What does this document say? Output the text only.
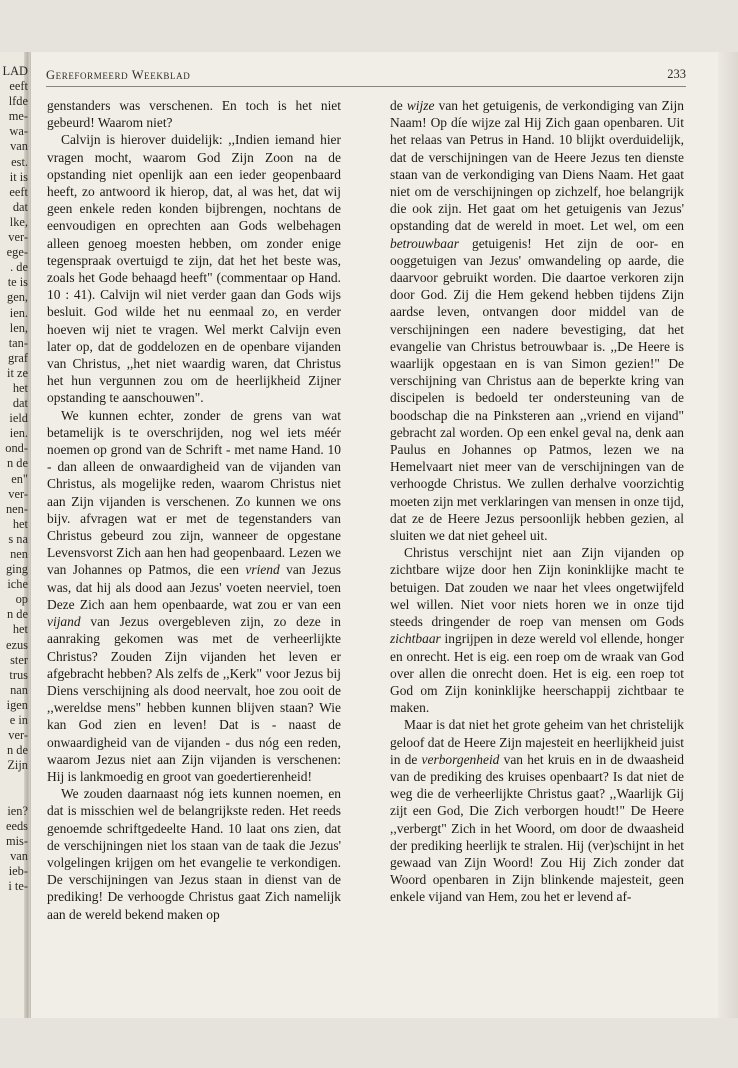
LAD
eeft
lfde
me-
wa-
van
est.
it is
eeft
dat
lke,
ver-
ege-
. de
te is
gen,
ien.
len,
tan-
graf
it ze
het
dat
ield
ien.
ond-
n de
en"
ver-
nen-
het
s na
nen
ging
iche
op
n de
het
ezus
ster
trus
nan
igen
e in
ver-
n de
Zijn

ien?
eeds
mis-
van
ieb-
i te-
Gereformeerd Weekblad	233

genstanders was verschenen. En toch is het niet gebeurd! Waarom niet?

Calvijn is hierover duidelijk: ,,Indien iemand hier vragen mocht, waarom God Zijn Zoon na de opstanding niet openlijk aan een ieder geopenbaard heeft, zo antwoord ik hierop, dat, al was het, dat wij geen enkele reden konden bijbrengen, nochtans de eenvoudigen en oprechten aan Gods welbehagen alleen genoeg moesten hebben, om zonder enige tegenspraak overtuigd te zijn, dat het het beste was, zoals het Gode behaagd heeft" (commentaar op Hand. 10 : 41). Calvijn wil niet verder gaan dan Gods wijs besluit. God wilde het nu eenmaal zo, en verder hoeven wij niet te vragen. Wel merkt Calvijn even later op, dat de goddelozen en de openbare vijanden van Christus, ,,het niet waardig waren, dat Christus het hun vergunnen zou om de heerlijkheid Zijner opstanding te aanschouwen".

We kunnen echter, zonder de grens van wat betamelijk is te overschrijden, nog wel iets méér noemen op grond van de Schrift - met name Hand. 10 - dan alleen de onwaardigheid van de vijanden van Christus, als mogelijke reden, waarom Christus niet aan Zijn vijanden is verschenen. Zo kunnen we ons bijv. afvragen wat er met de tegenstanders van Christus gebeurd zou zijn, wanneer de opgestane Levensvorst Zich aan hen had geopenbaard. Lezen we van Johannes op Patmos, die een vriend van Jezus was, dat hij als dood aan Jezus' voeten neerviel, toen Deze Zich aan hem openbaarde, wat zou er van een vijand van Jezus overgebleven zijn, zo deze in aanraking gekomen was met de verheerlijkte Christus? Zouden Zijn vijanden het leven er afgebracht hebben? Als zelfs de ,,Kerk" voor Jezus bij Diens verschijning als dood neervalt, hoe zou ooit de ,,wereldse mens" hebben kunnen blijven staan? Wie kan God zien en leven! Dat is - naast de onwaardigheid van de vijanden - dus nóg een reden, waarom Jezus niet aan Zijn vijanden is verschenen: Hij is lankmoedig en groot van goedertierenheid!

We zouden daarnaast nóg iets kunnen noemen, en dat is misschien wel de belangrijkste reden. Het reeds genoemde schriftgedeelte Hand. 10 laat ons zien, dat de verschijningen niet los staan van de taak die Jezus' volgelingen krijgen om het evangelie te verkondigen. De verschijningen van Jezus staan in dienst van de prediking! De verhoogde Christus gaat Zich namelijk aan de wereld bekend maken op

de wijze van het getuigenis, de verkondiging van Zijn Naam! Op díe wijze zal Hij Zich gaan openbaren. Uit het relaas van Petrus in Hand. 10 blijkt overduidelijk, dat de verschijningen van de Heere Jezus ten dienste staan van de verkondiging van Diens Naam. Het gaat niet om de verschijningen op zichzelf, hoe belangrijk die ook zijn. Het gaat om het getuigenis van Jezus' opstanding dat de wereld in moet. Let wel, om een betrouwbaar getuigenis! Het zijn de oor- en ooggetuigen van Jezus' omwandeling op aarde, die daarvoor gebruikt worden. Die daartoe verkoren zijn door God. Zij die Hem gekend hebben tijdens Zijn aardse leven, ontvangen door middel van de verschijningen een nadere bevestiging, dat het evangelie van Christus betrouwbaar is. ,,De Heere is waarlijk opgestaan en is van Simon gezien!" De verschijning van Christus aan de beperkte kring van discipelen is bedoeld ter ondersteuning van de boodschap die na Pinksteren aan ,,vriend en vijand" gebracht zal worden. Op een enkel geval na, denk aan Paulus en Johannes op Patmos, lezen we na Hemelvaart niet meer van de verschijningen van de verhoogde Christus. We zullen derhalve voorzichtig moeten zijn met verklaringen van mensen in onze tijd, dat ze de Heere Jezus persoonlijk hebben gezien, al sluiten we dat niet geheel uit.

Christus verschijnt niet aan Zijn vijanden op zichtbare wijze door hen Zijn koninklijke macht te betuigen. Dat zouden we naar het vlees ongetwijfeld wel willen. Niet voor niets horen we in onze tijd steeds dringender de roep van mensen om Gods zichtbaar ingrijpen in deze wereld vol ellende, honger en onrecht. Het is eig. een roep om de wraak van God over allen die onrecht doen. Het is eig. een roep tot God om Zijn koninklijke heerschappij zichtbaar te maken.

Maar is dat niet het grote geheim van het christelijk geloof dat de Heere Zijn majesteit en heerlijkheid juist in de verborgenheid van het kruis en in de dwaasheid van de prediking des kruises openbaart? Is dat niet de weg die de verheerlijkte Christus gaat? ,,Waarlijk Gij zijt een God, Die Zich verborgen houdt!" De Heere ,,verbergt" Zich in het Woord, om door de dwaasheid der prediking heerlijk te stralen. Hij (ver)schijnt in het gewaad van Zijn Woord! Zou Hij Zich zonder dat Woord openbaren in Zijn blinkende majesteit, geen enkele vijand van Hem, zou het er levend af-
